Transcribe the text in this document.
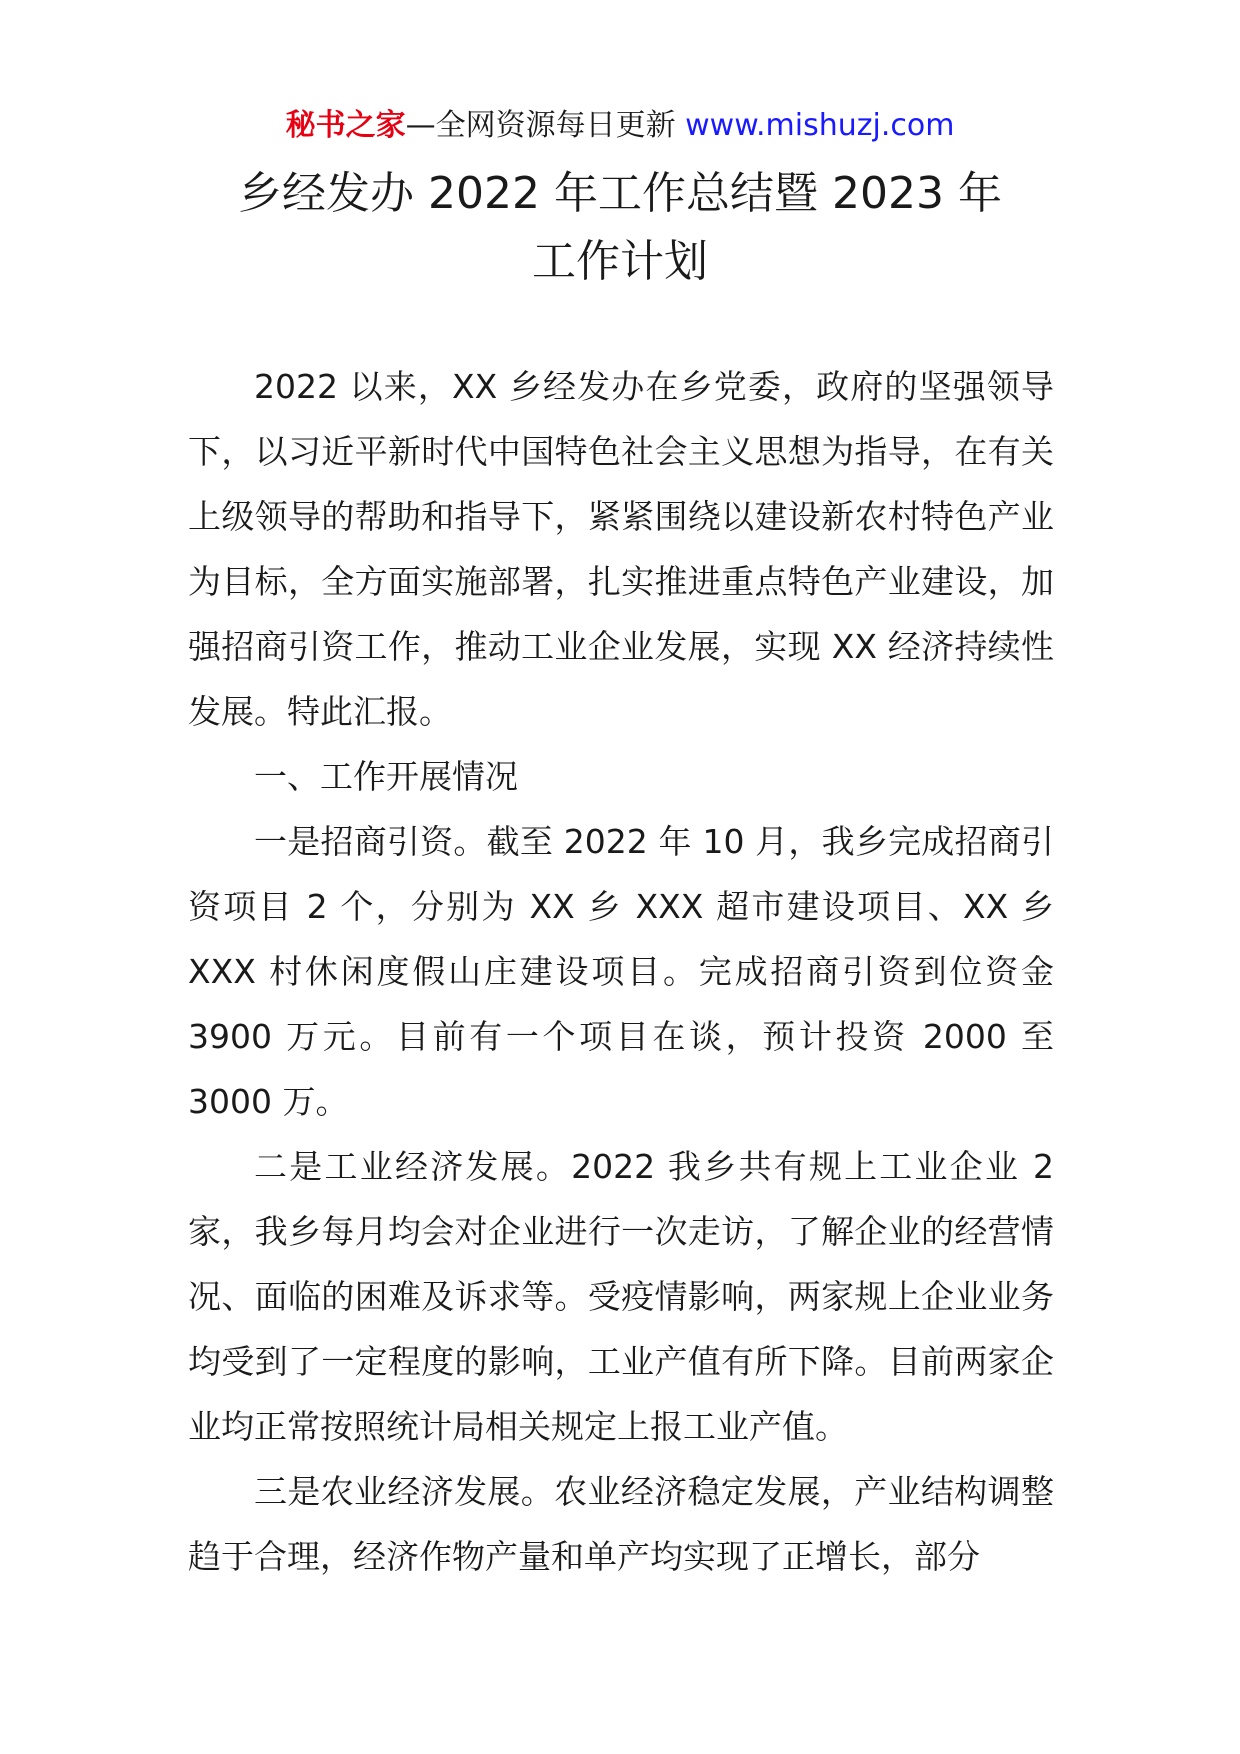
秘书之家—全网资源每日更新 www.mishuzj.com
乡经发办 2022 年工作总结暨 2023 年
工作计划

2022 以来，XX 乡经发办在乡党委，政府的坚强领导下，以习近平新时代中国特色社会主义思想为指导，在有关上级领导的帮助和指导下，紧紧围绕以建设新农村特色产业为目标，全方面实施部署，扎实推进重点特色产业建设，加强招商引资工作，推动工业企业发展，实现 XX 经济持续性发展。特此汇报。

一、工作开展情况

一是招商引资。截至 2022 年 10 月，我乡完成招商引资项目 2 个，分别为 XX 乡 XXX 超市建设项目、XX 乡 XXX 村休闲度假山庄建设项目。完成招商引资到位资金 3900 万元。目前有一个项目在谈，预计投资 2000 至 3000 万。

二是工业经济发展。2022 我乡共有规上工业企业 2 家，我乡每月均会对企业进行一次走访，了解企业的经营情况、面临的困难及诉求等。受疫情影响，两家规上企业业务均受到了一定程度的影响，工业产值有所下降。目前两家企业均正常按照统计局相关规定上报工业产值。

三是农业经济发展。农业经济稳定发展，产业结构调整趋于合理，经济作物产量和单产均实现了正增长，部分
